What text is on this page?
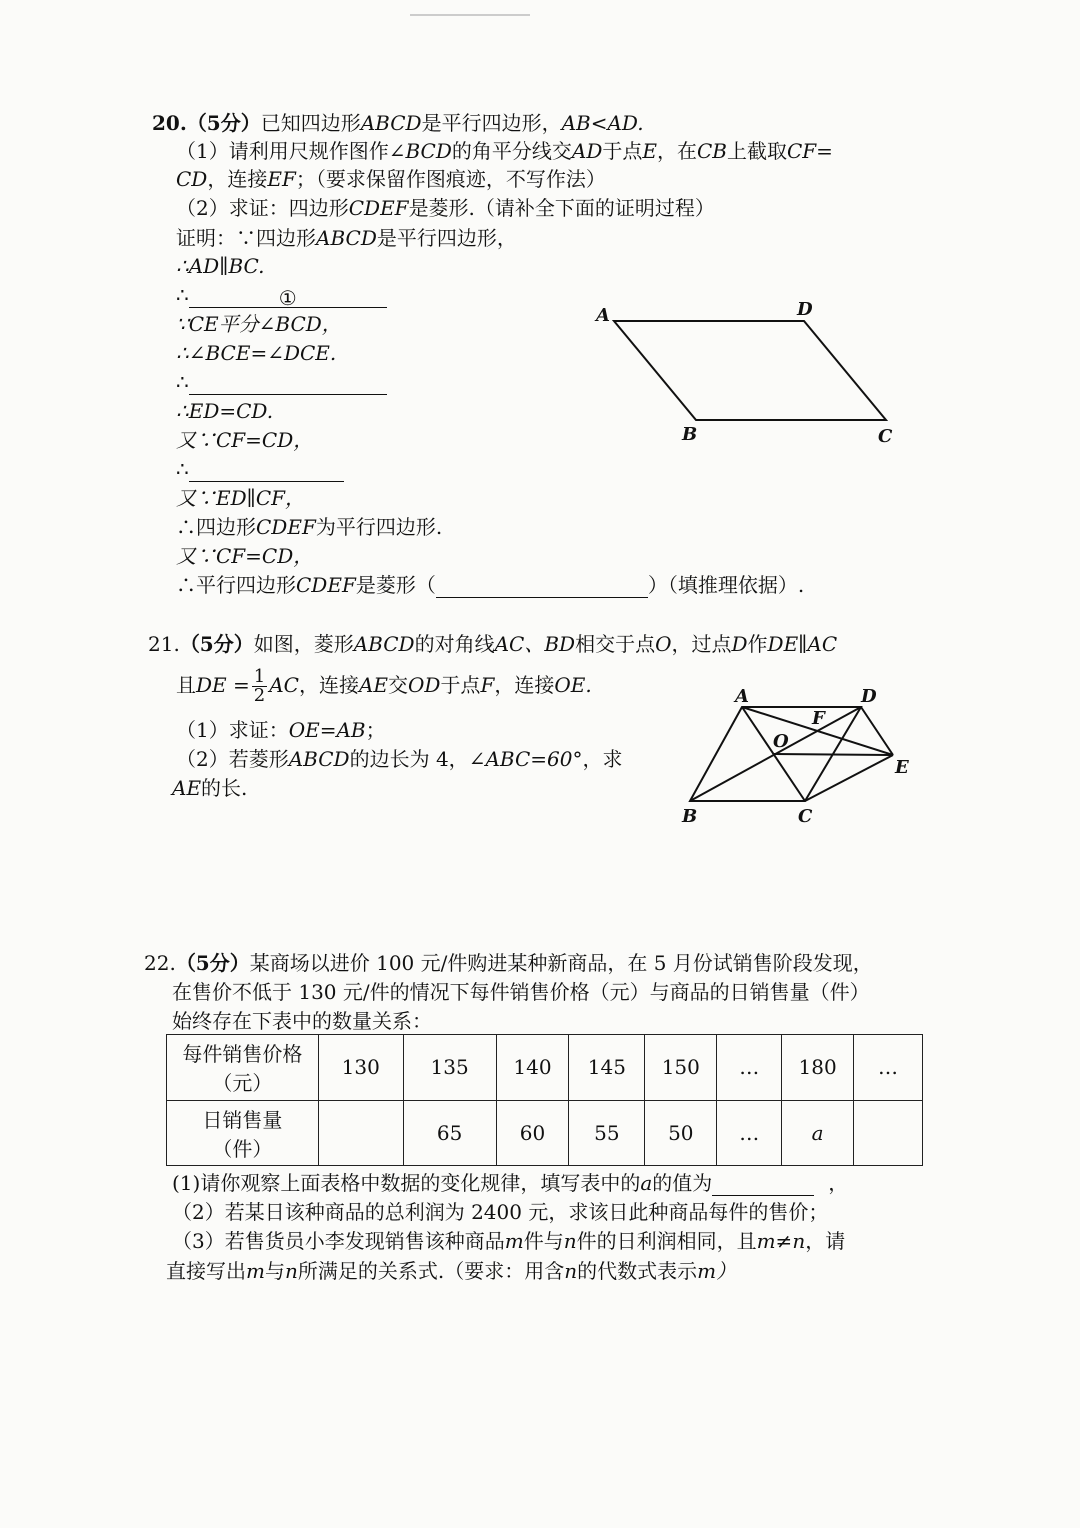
20.（5分）已知四边形ABCD是平行四边形，AB<AD.
（1）请利用尺规作图作∠BCD的角平分线交AD于点E，在CB上截取CF=
CD，连接EF；（要求保留作图痕迹，不写作法）
（2）求证：四边形CDEF是菱形.（请补全下面的证明过程）
证明：∵四边形ABCD是平行四边形，
∴AD∥BC.
∴	①
∵CE平分∠BCD，
∴∠BCE=∠DCE.
∴
∴ED=CD.
又∵CF=CD，
∴
又∵ED∥CF，
∴四边形CDEF为平行四边形.
又∵CF=CD，
∴平行四边形CDEF是菱形（	）（填推理依据）.
A	D
B	C
21.（5分）如图，菱形ABCD的对角线AC、BD相交于点O，过点D作DE∥AC
且DE = $\frac{1}{2}$ AC，连接AE交OD于点F，连接OE.
（1）求证：OE=AB；
（2）若菱形ABCD的边长为 4，∠ABC=60°，求
AE的长.
A	D
F
O
E
B	C
22.（5分）某商场以进价 100 元/件购进某种新商品，在 5 月份试销售阶段发现，
在售价不低于 130 元/件的情况下每件销售价格（元）与商品的日销售量（件）
始终存在下表中的数量关系：
每件销售价格
（元）	130	135	140	145	150	…	180	…

日销售量
（件）		65	60	55	50	…	a	
(1)请你观察上面表格中数据的变化规律，填写表中的a的值为	，
（2）若某日该种商品的总利润为 2400 元，求该日此种商品每件的售价；
（3）若售货员小李发现销售该种商品m件与n件的日利润相同，且m≠n，请
直接写出m与n所满足的关系式.（要求：用含n的代数式表示m）
